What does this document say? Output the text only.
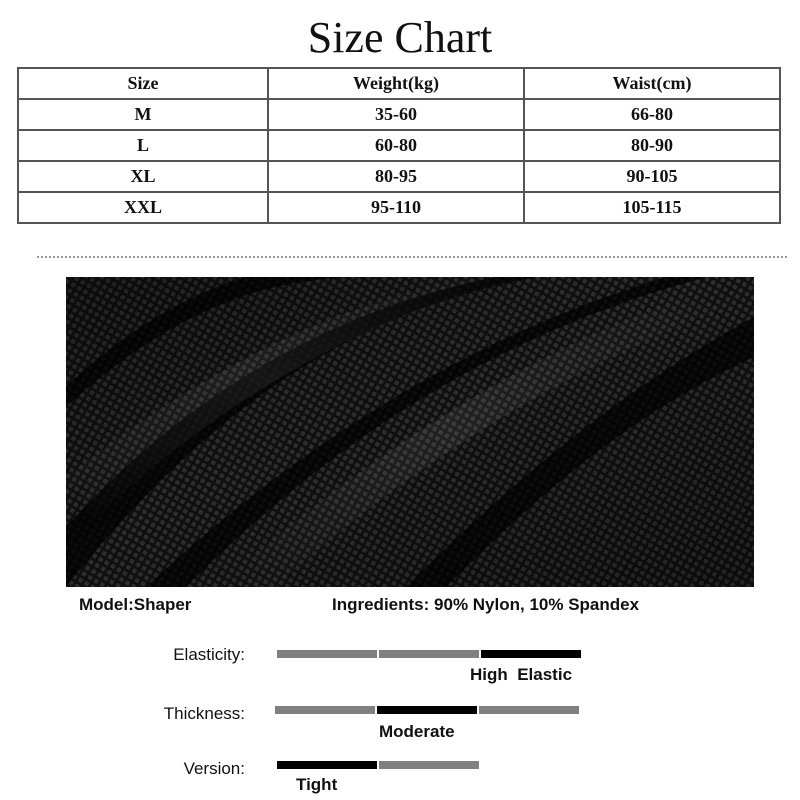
Size Chart
Size	Weight(kg)	Waist(cm)
M	35-60	66-80
L	60-80	80-90
XL	80-95	90-105
XXL	95-110	105-115
Model:Shaper	Ingredients: 90% Nylon, 10% Spandex
Elasticity:
High  Elastic
Thickness:
Moderate
Version:
Tight
